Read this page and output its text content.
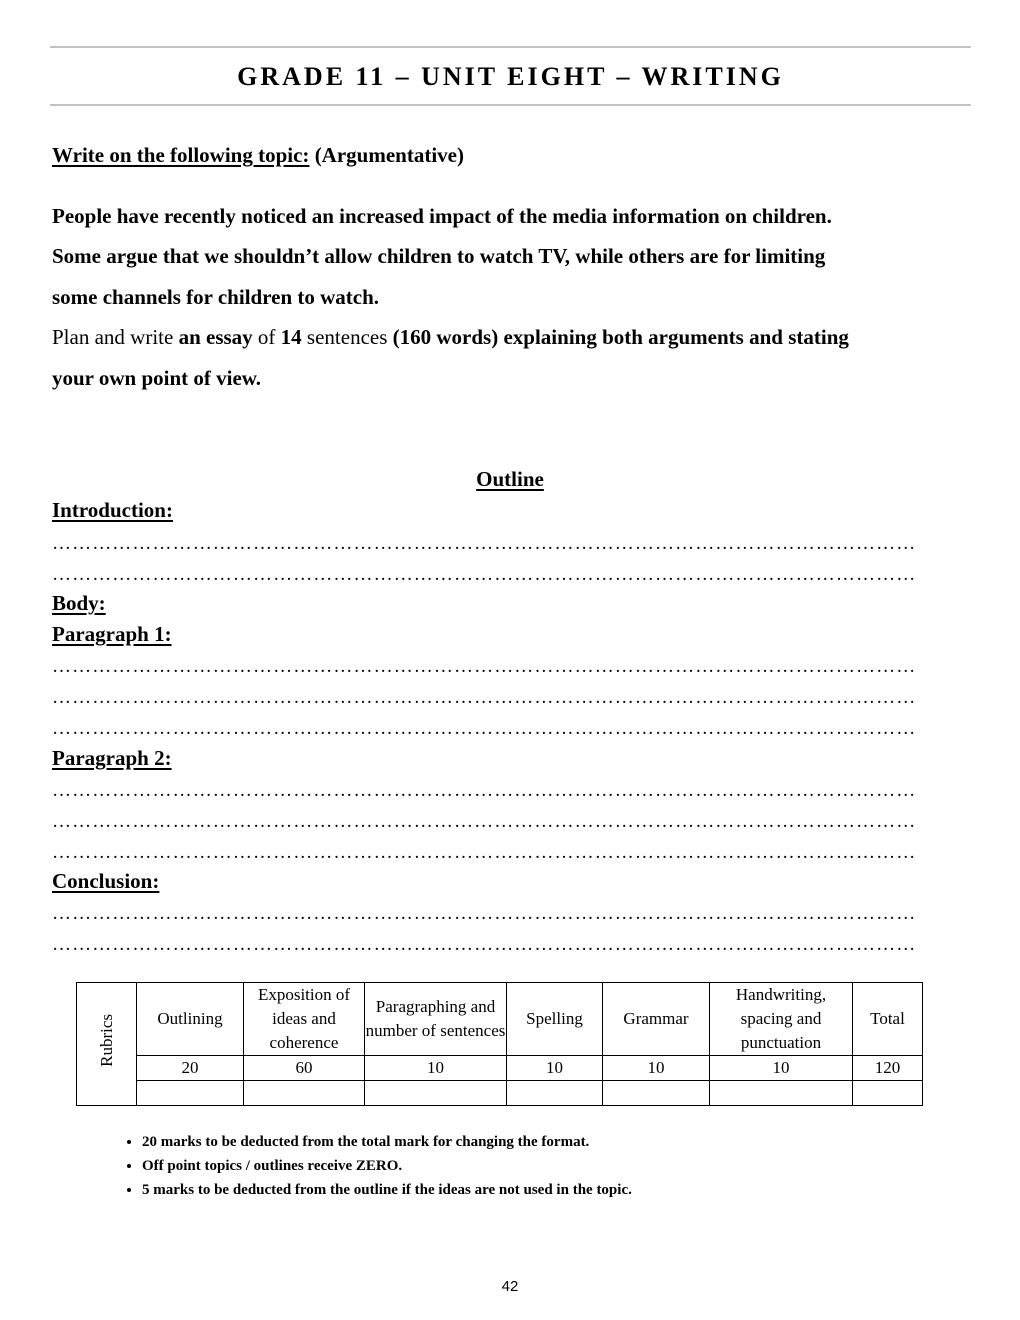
GRADE 11 – UNIT EIGHT – WRITING
Write on the following topic: (Argumentative)
People have recently noticed an increased impact of the media information on children.
Some argue that we shouldn’t allow children to watch TV, while others are for limiting
some channels for children to watch.
Plan and write an essay of 14 sentences (160 words) explaining both arguments and stating
your own point of view.
Outline
Introduction:
…………………………………………………………………………………………………………………
…………………………………………………………………………………………………………………
Body:
Paragraph 1:
…………………………………………………………………………………………………………………
…………………………………………………………………………………………………………………
…………………………………………………………………………………………………………………
Paragraph 2:
…………………………………………………………………………………………………………………
…………………………………………………………………………………………………………………
…………………………………………………………………………………………………………………
Conclusion:
…………………………………………………………………………………………………………………
…………………………………………………………………………………………………………………
Rubrics	Outlining	Exposition of ideas and coherence	Paragraphing and number of sentences	Spelling	Grammar	Handwriting, spacing and punctuation	Total
	20	60	10	10	10	10	120

• 20 marks to be deducted from the total mark for changing the format.
• Off point topics / outlines receive ZERO.
• 5 marks to be deducted from the outline if the ideas are not used in the topic.
42
